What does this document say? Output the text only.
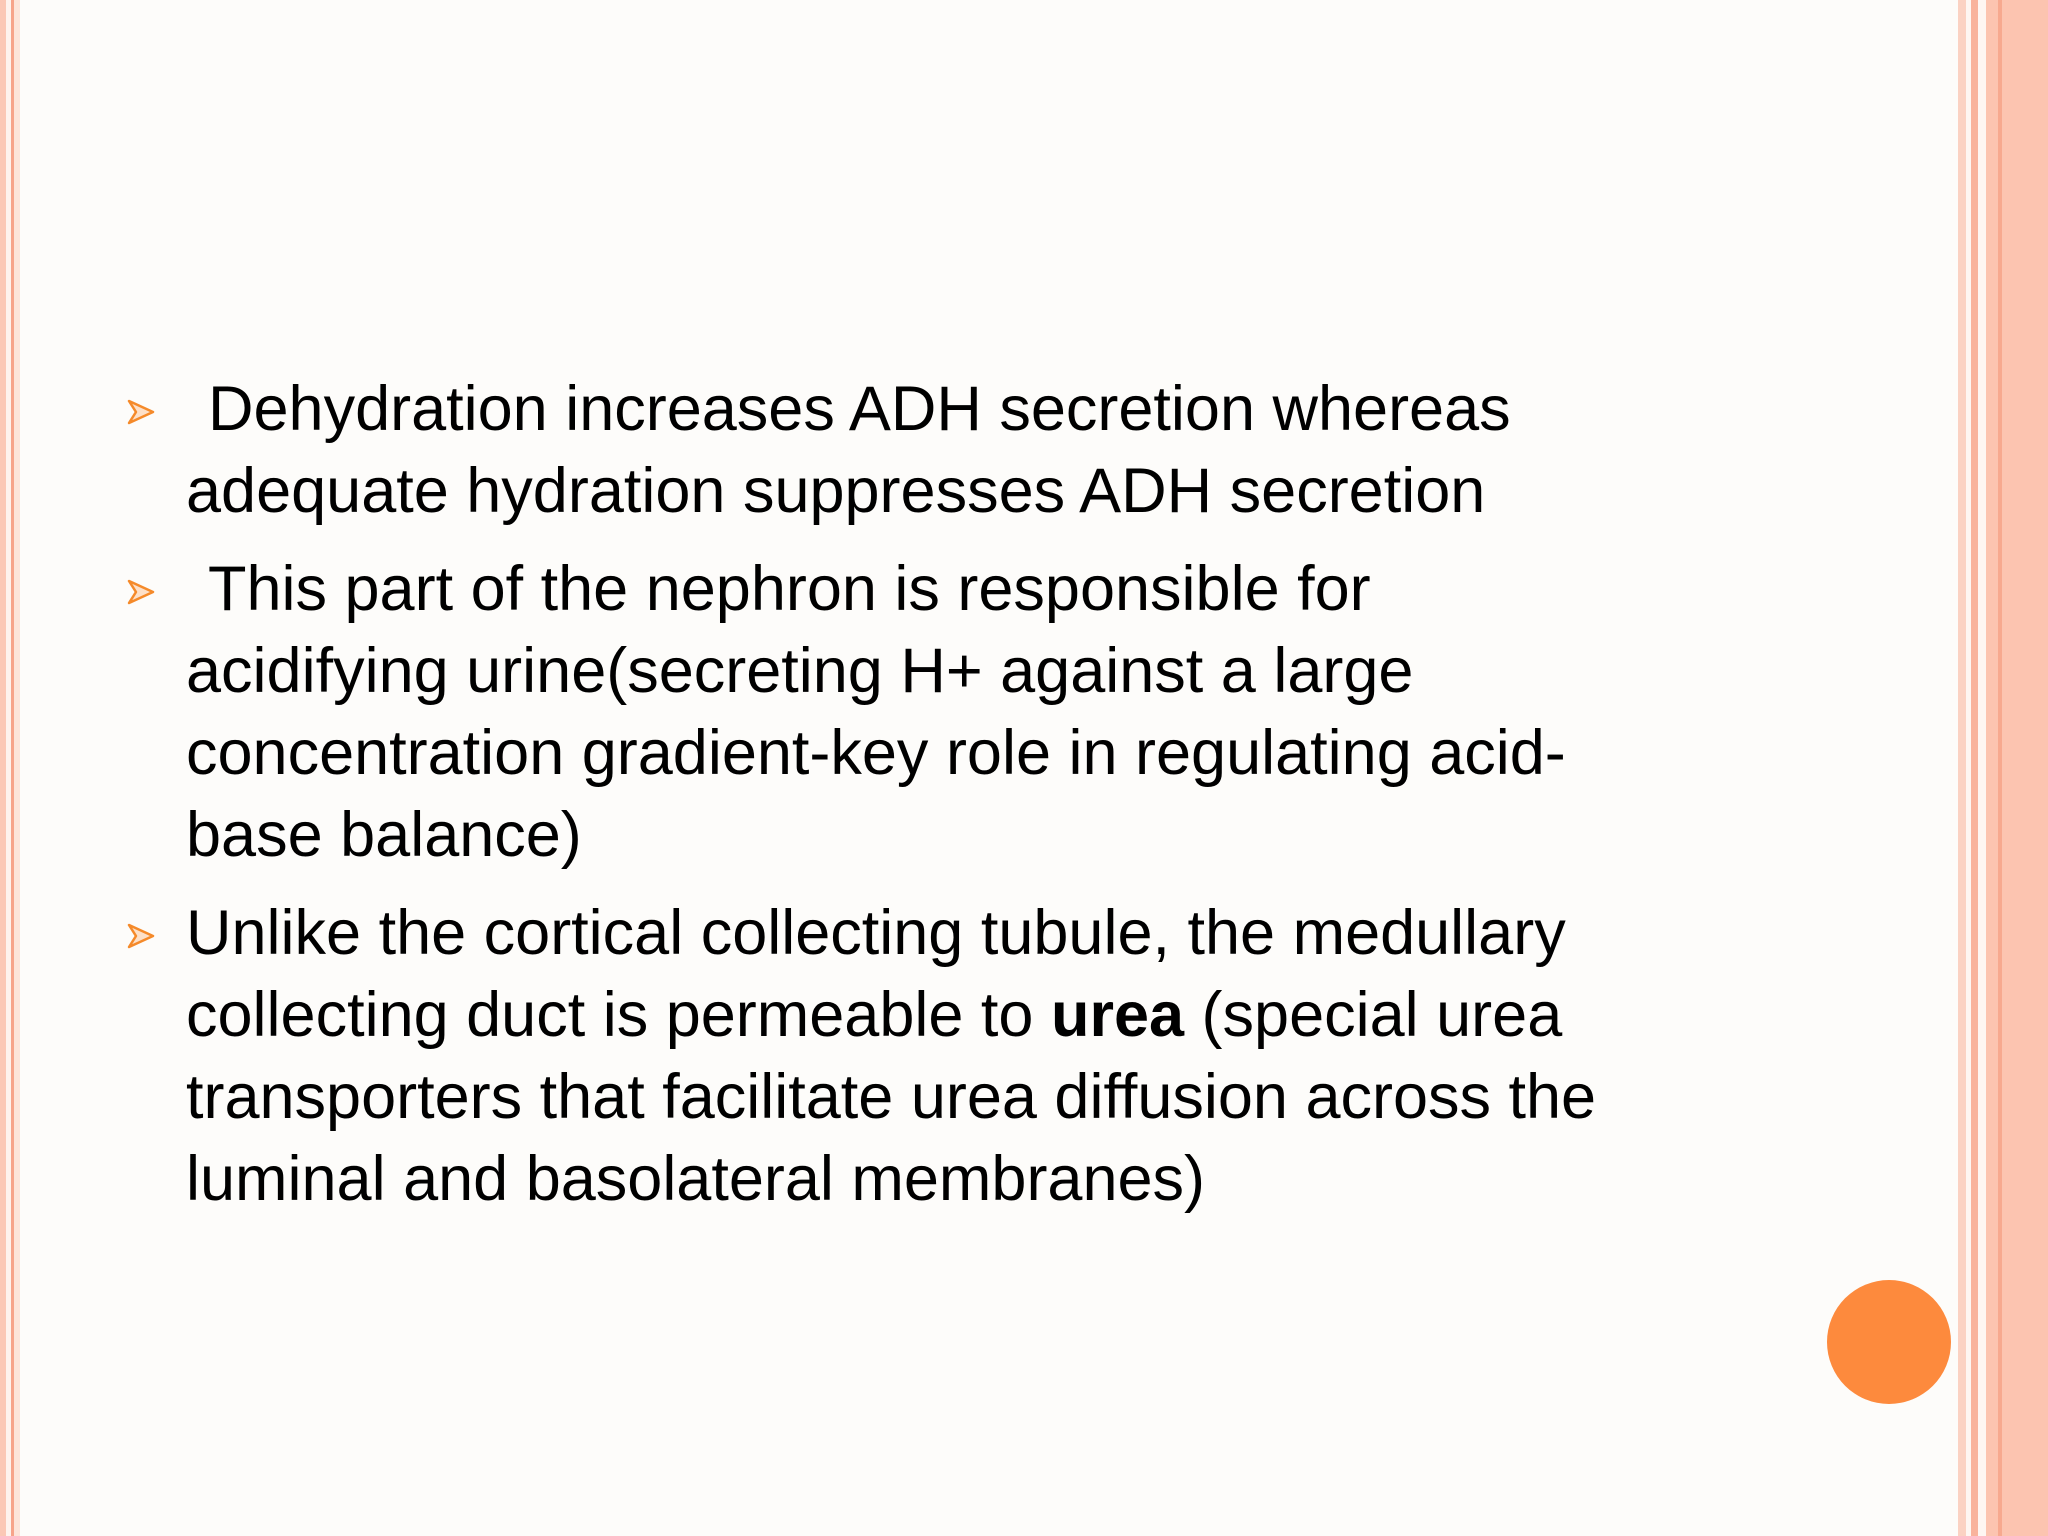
Dehydration increases ADH secretion whereas
adequate hydration suppresses ADH secretion
This part of the nephron is responsible for
acidifying urine(secreting H+ against a large
concentration gradient-key role in regulating acid-
base balance)
Unlike the cortical collecting tubule, the medullary
collecting duct is permeable to urea (special urea
transporters that facilitate urea diffusion across the
luminal and basolateral membranes)
